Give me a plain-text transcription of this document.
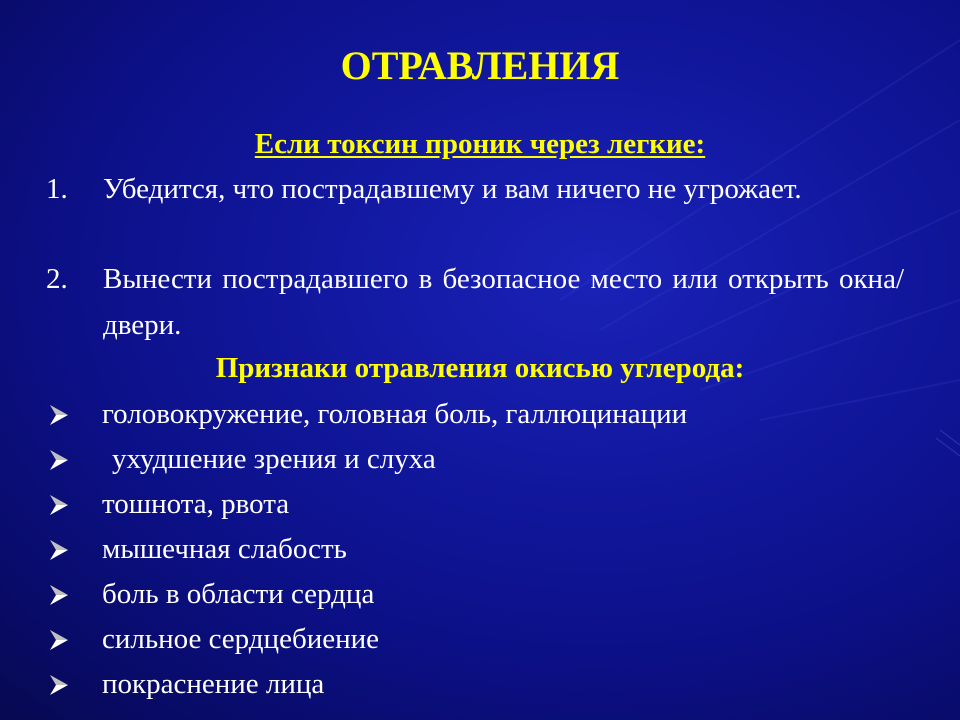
ОТРАВЛЕНИЯ

Если токсин проник через легкие:

1. Убедится, что пострадавшему и вам ничего не угрожает.
2. Вынести пострадавшего в безопасное место или открыть окна/двери.

Признаки отравления окисью углерода:

головокружение, головная боль, галлюцинации
ухудшение зрения и слуха
тошнота, рвота
мышечная слабость
боль в области сердца
сильное сердцебиение
покраснение лица
